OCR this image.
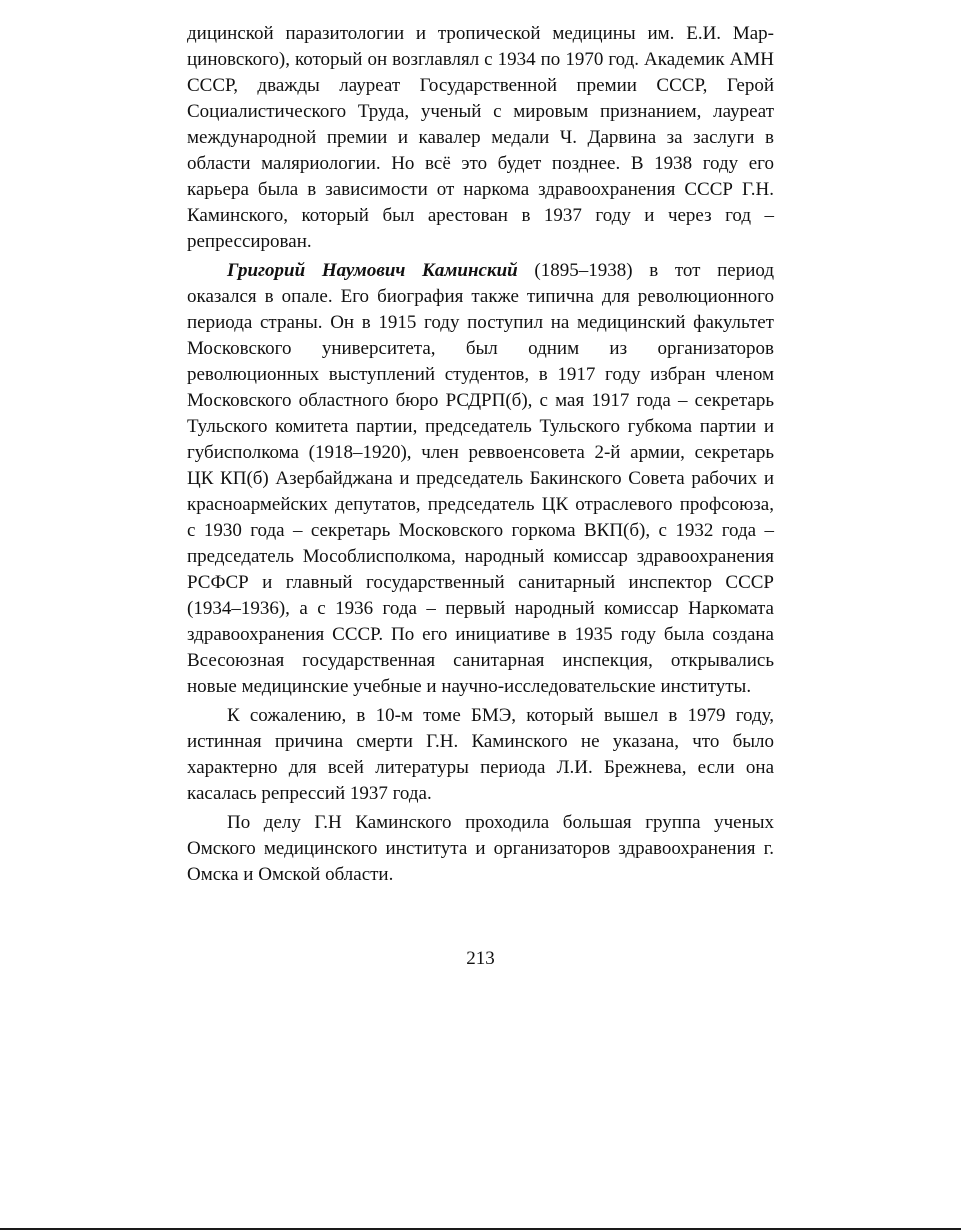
дицинской паразитологии и тропической медицины им. Е.И. Марциновского), который он возглавлял с 1934 по 1970 год. Академик АМН СССР, дважды лауреат Государственной премии СССР, Герой Социалистического Труда, ученый с мировым признанием, лауреат международной премии и кавалер медали Ч. Дарвина за заслуги в области маляриологии. Но всё это будет позднее. В 1938 году его карьера была в зависимости от наркома здравоохранения СССР Г.Н. Каминского, который был арестован в 1937 году и через год – репрессирован.

Григорий Наумович Каминский (1895–1938) в тот период оказался в опале. Его биография также типична для революционного периода страны. Он в 1915 году поступил на медицинский факультет Московского университета, был одним из организаторов революционных выступлений студентов, в 1917 году избран членом Московского областного бюро РСДРП(б), с мая 1917 года – секретарь Тульского комитета партии, председатель Тульского губкома партии и губисполкома (1918–1920), член реввоенсовета 2-й армии, секретарь ЦК КП(б) Азербайджана и председатель Бакинского Совета рабочих и красноармейских депутатов, председатель ЦК отраслевого профсоюза, с 1930 года – секретарь Московского горкома ВКП(б), с 1932 года – председатель Мособлисполкома, народный комиссар здравоохранения РСФСР и главный государственный санитарный инспектор СССР (1934–1936), а с 1936 года – первый народный комиссар Наркомата здравоохранения СССР. По его инициативе в 1935 году была создана Всесоюзная государственная санитарная инспекция, открывались новые медицинские учебные и научно-исследовательские институты.

К сожалению, в 10-м томе БМЭ, который вышел в 1979 году, истинная причина смерти Г.Н. Каминского не указана, что было характерно для всей литературы периода Л.И. Брежнева, если она касалась репрессий 1937 года.

По делу Г.Н Каминского проходила большая группа ученых Омского медицинского института и организаторов здравоохранения г. Омска и Омской области.

213
